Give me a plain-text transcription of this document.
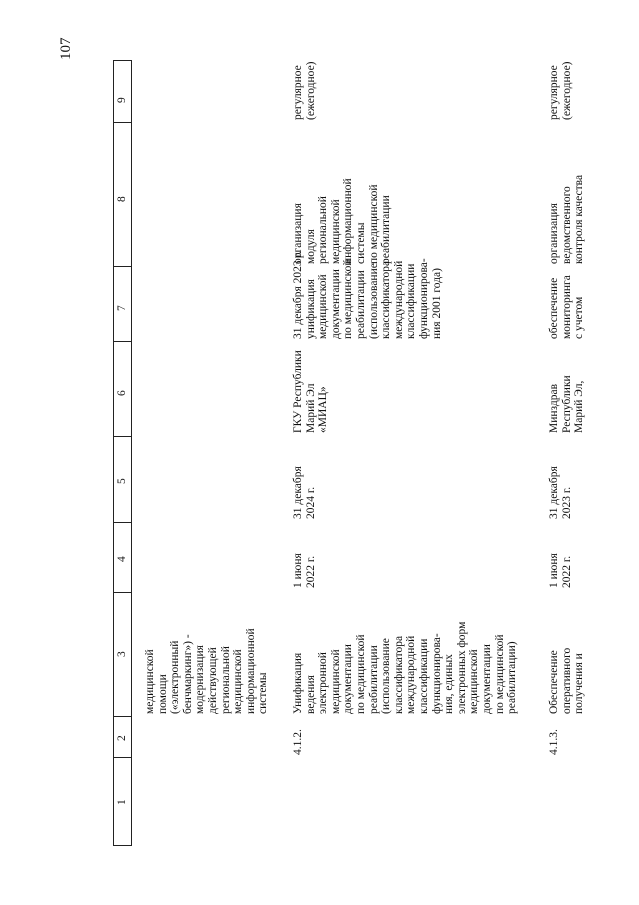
107
9
8
7
6
5
4
3
2
1
медицинской
помощи
(«электронный
бенчмаркинг») -
модернизация
действующей
региональной
медицинской
информационной
системы
4.1.2.
Унификация
ведения
электронной
медицинской
документации
по медицинской
реабилитации
(использование
классификатора
международной
классификации
функционирова-
ния, единых
электронных форм
медицинской
документации
по медицинской
реабилитации)
1 июня
2022 г.
31 декабря
2024 г.
ГКУ Республики
Марий Эл
«МИАЦ»
31 декабря 2023 г.
унификация
медицинской
документации
по медицинской
реабилитации
(использование
классификатора
международной
классификации
функционирова-
ния 2001 года)
организация
модуля
региональной
медицинской
информационной
системы
по медицинской
реабилитации
регулярное
(ежегодное)
4.1.3.
Обеспечение
оперативного
получения и
1 июня
2022 г.
31 декабря
2023 г.
Минздрав
Республики
Марий Эл,
обеспечение
мониторинга
с учетом
организация
ведомственного
контроля качества
регулярное
(ежегодное)
